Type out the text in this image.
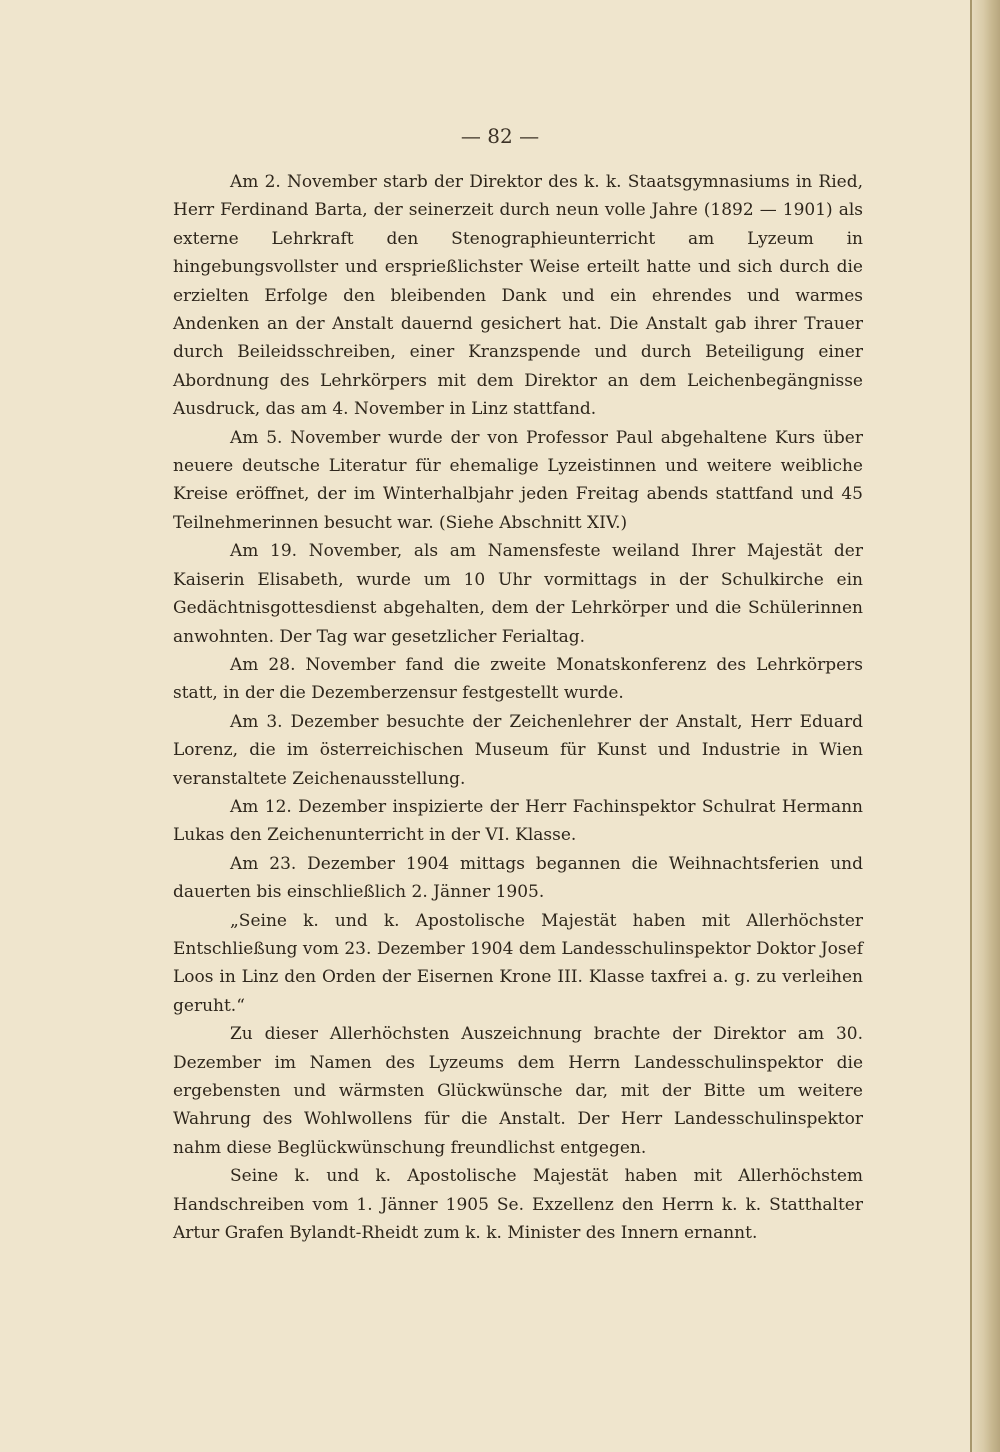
— 82 —

Am 2. November starb der Direktor des k. k. Staatsgymnasiums in Ried, Herr Ferdinand Barta, der seinerzeit durch neun volle Jahre (1892 — 1901) als externe Lehrkraft den Stenographieunterricht am Lyzeum in hingebungsvollster und ersprießlichster Weise erteilt hatte und sich durch die erzielten Erfolge den bleibenden Dank und ein ehrendes und warmes Andenken an der Anstalt dauernd gesichert hat. Die Anstalt gab ihrer Trauer durch Beileidsschreiben, einer Kranzspende und durch Beteiligung einer Abordnung des Lehrkörpers mit dem Direktor an dem Leichenbegängnisse Ausdruck, das am 4. November in Linz stattfand.

Am 5. November wurde der von Professor Paul abgehaltene Kurs über neuere deutsche Literatur für ehemalige Lyzeistinnen und weitere weibliche Kreise eröffnet, der im Winterhalbjahr jeden Freitag abends stattfand und 45 Teilnehmerinnen besucht war. (Siehe Abschnitt XIV.)

Am 19. November, als am Namensfeste weiland Ihrer Majestät der Kaiserin Elisabeth, wurde um 10 Uhr vormittags in der Schulkirche ein Gedächtnisgottesdienst abgehalten, dem der Lehrkörper und die Schülerinnen anwohnten. Der Tag war gesetzlicher Ferialtag.

Am 28. November fand die zweite Monatskonferenz des Lehrkörpers statt, in der die Dezemberzensur festgestellt wurde.

Am 3. Dezember besuchte der Zeichenlehrer der Anstalt, Herr Eduard Lorenz, die im österreichischen Museum für Kunst und Industrie in Wien veranstaltete Zeichenausstellung.

Am 12. Dezember inspizierte der Herr Fachinspektor Schulrat Hermann Lukas den Zeichenunterricht in der VI. Klasse.

Am 23. Dezember 1904 mittags begannen die Weihnachtsferien und dauerten bis einschließlich 2. Jänner 1905.

„Seine k. und k. Apostolische Majestät haben mit Allerhöchster Entschließung vom 23. Dezember 1904 dem Landesschulinspektor Doktor Josef Loos in Linz den Orden der Eisernen Krone III. Klasse taxfrei a. g. zu verleihen geruht.“

Zu dieser Allerhöchsten Auszeichnung brachte der Direktor am 30. Dezember im Namen des Lyzeums dem Herrn Landesschulinspektor die ergebensten und wärmsten Glückwünsche dar, mit der Bitte um weitere Wahrung des Wohlwollens für die Anstalt. Der Herr Landesschulinspektor nahm diese Beglückwünschung freundlichst entgegen.

Seine k. und k. Apostolische Majestät haben mit Allerhöchstem Handschreiben vom 1. Jänner 1905 Se. Exzellenz den Herrn k. k. Statthalter Artur Grafen Bylandt-Rheidt zum k. k. Minister des Innern ernannt.
